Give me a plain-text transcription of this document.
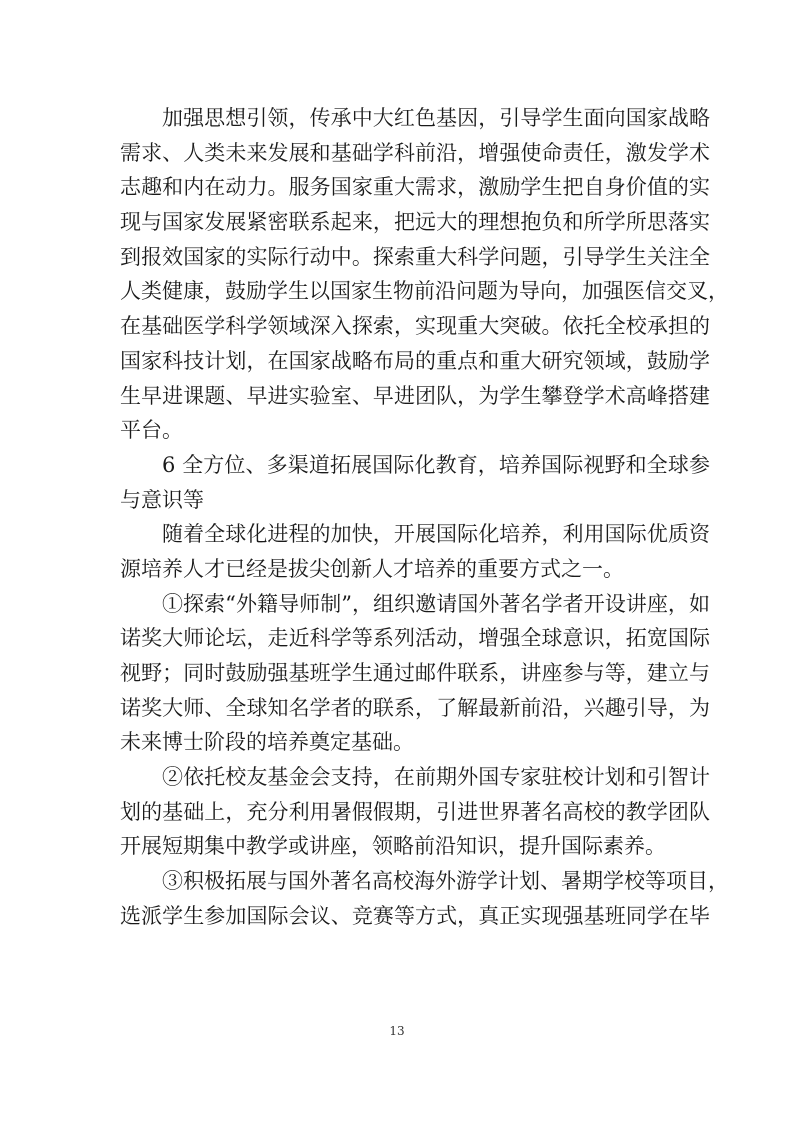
加强思想引领，传承中大红色基因，引导学生面向国家战略
需求、人类未来发展和基础学科前沿，增强使命责任，激发学术
志趣和内在动力。服务国家重大需求，激励学生把自身价值的实
现与国家发展紧密联系起来，把远大的理想抱负和所学所思落实
到报效国家的实际行动中。探索重大科学问题，引导学生关注全
人类健康，鼓励学生以国家生物前沿问题为导向，加强医信交叉，
在基础医学科学领域深入探索，实现重大突破。依托全校承担的
国家科技计划，在国家战略布局的重点和重大研究领域，鼓励学
生早进课题、早进实验室、早进团队，为学生攀登学术高峰搭建
平台。
6 全方位、多渠道拓展国际化教育，培养国际视野和全球参
与意识等
随着全球化进程的加快，开展国际化培养，利用国际优质资
源培养人才已经是拔尖创新人才培养的重要方式之一。
①探索“外籍导师制”，组织邀请国外著名学者开设讲座，如
诺奖大师论坛，走近科学等系列活动，增强全球意识，拓宽国际
视野；同时鼓励强基班学生通过邮件联系，讲座参与等，建立与
诺奖大师、全球知名学者的联系，了解最新前沿，兴趣引导，为
未来博士阶段的培养奠定基础。
②依托校友基金会支持，在前期外国专家驻校计划和引智计
划的基础上，充分利用暑假假期，引进世界著名高校的教学团队
开展短期集中教学或讲座，领略前沿知识，提升国际素养。
③积极拓展与国外著名高校海外游学计划、暑期学校等项目，
选派学生参加国际会议、竞赛等方式，真正实现强基班同学在毕
13
